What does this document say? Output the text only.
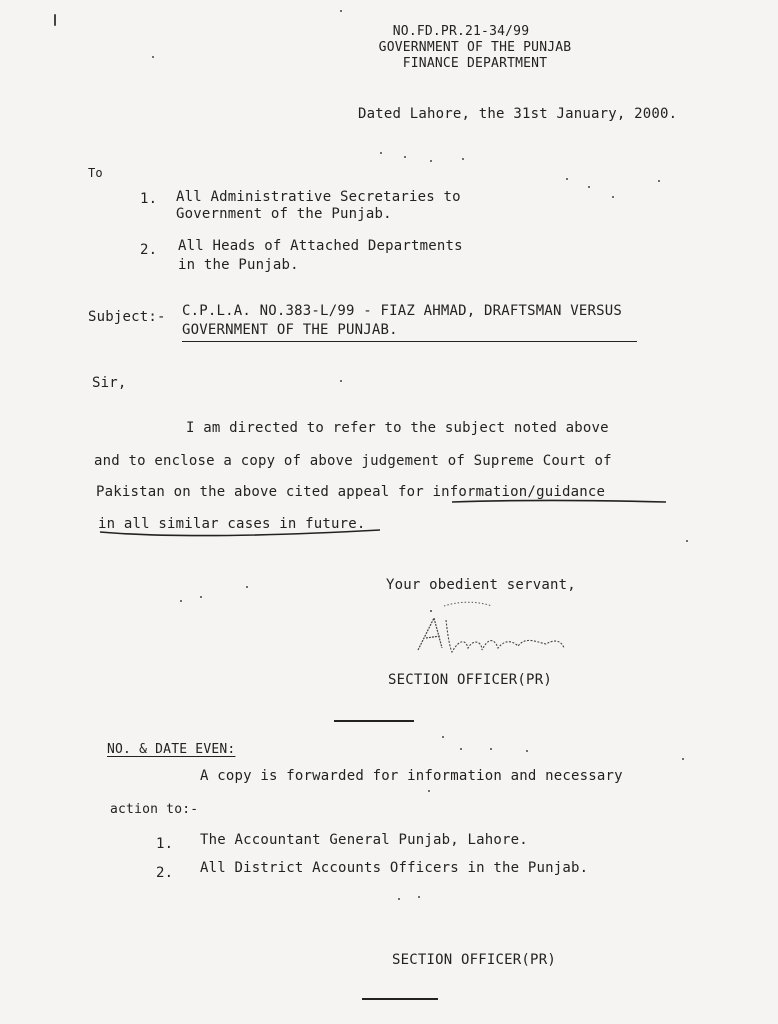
NO.FD.PR.21-34/99
GOVERNMENT OF THE PUNJAB
FINANCE DEPARTMENT
Dated Lahore, the 31st January, 2000.
To
1. All Administrative Secretaries to
Government of the Punjab.
2. All Heads of Attached Departments
in the Punjab.
Subject:- C.P.L.A. NO.383-L/99 - FIAZ AHMAD, DRAFTSMAN VERSUS
GOVERNMENT OF THE PUNJAB.
Sir,
I am directed to refer to the subject noted above
and to enclose a copy of above judgement of Supreme Court of
Pakistan on the above cited appeal for information/guidance
in all similar cases in future.
Your obedient servant,
SECTION OFFICER(PR)
NO. & DATE EVEN:
A copy is forwarded for information and necessary
action to:-
1. The Accountant General Punjab, Lahore.
2. All District Accounts Officers in the Punjab.
SECTION OFFICER(PR)
